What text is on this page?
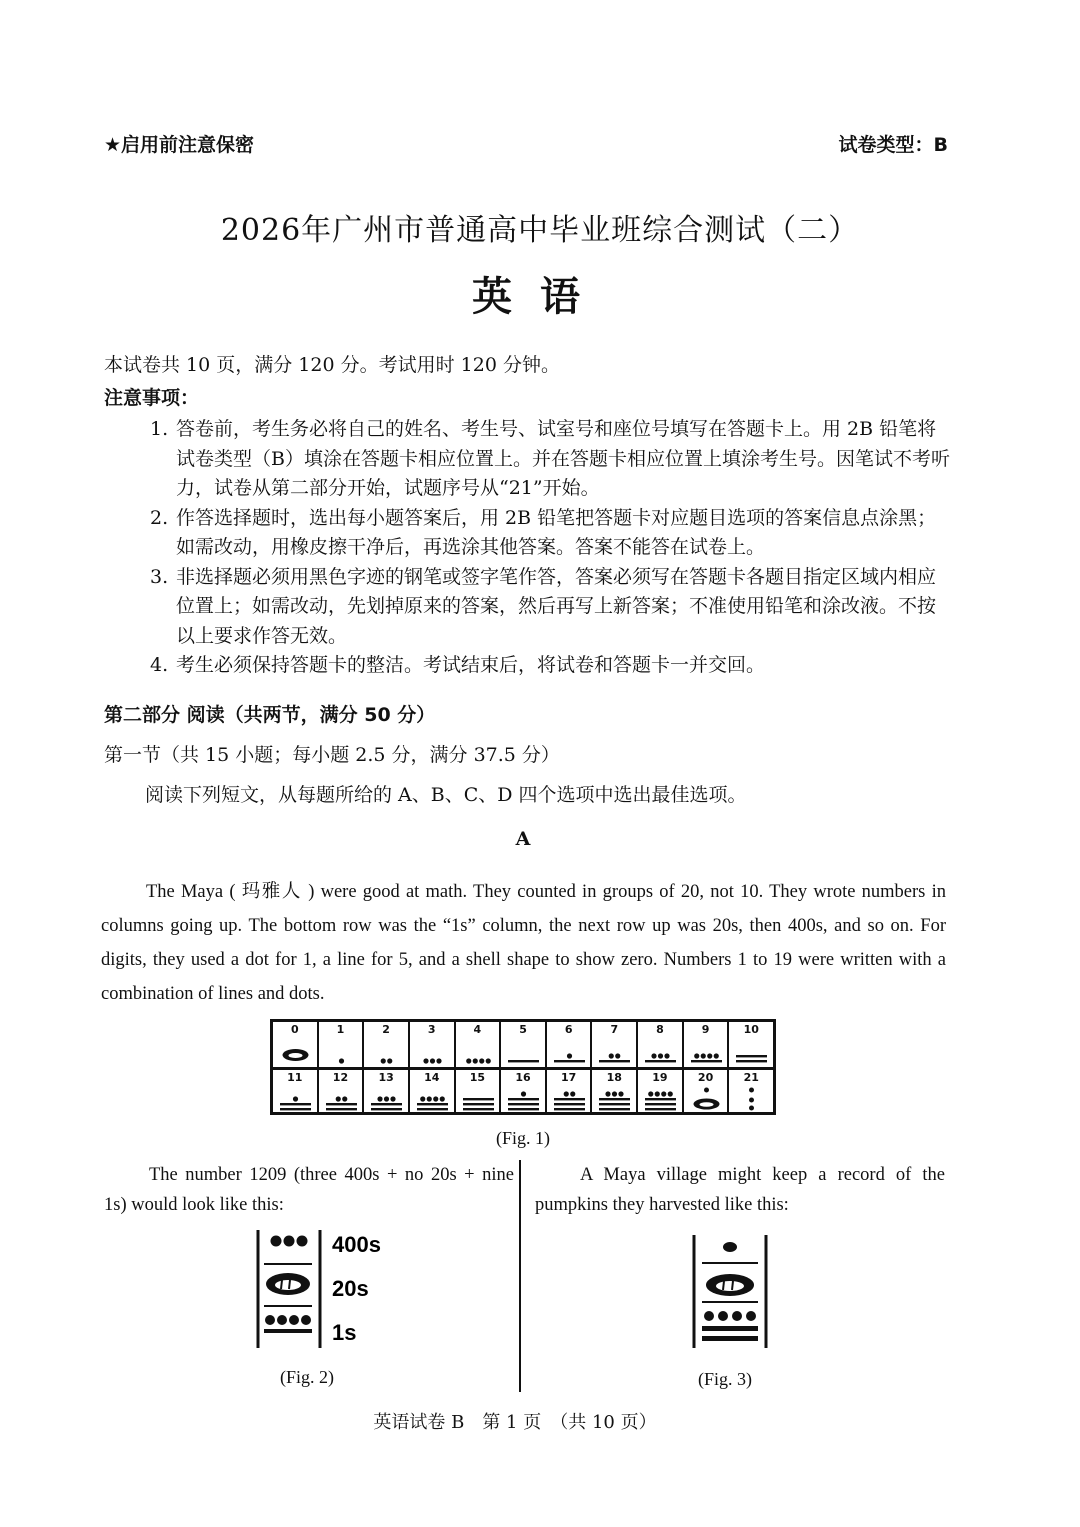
★启用前注意保密	试卷类型：B
2026年广州市普通高中毕业班综合测试（二）
英语
本试卷共 10 页，满分 120 分。考试用时 120 分钟。
注意事项：
1. 答卷前，考生务必将自己的姓名、考生号、试室号和座位号填写在答题卡上。用 2B 铅笔将试卷类型（B）填涂在答题卡相应位置上。并在答题卡相应位置上填涂考生号。因笔试不考听力，试卷从第二部分开始，试题序号从“21”开始。
2. 作答选择题时，选出每小题答案后，用 2B 铅笔把答题卡对应题目选项的答案信息点涂黑；如需改动，用橡皮擦干净后，再选涂其他答案。答案不能答在试卷上。
3. 非选择题必须用黑色字迹的钢笔或签字笔作答，答案必须写在答题卡各题目指定区域内相应位置上；如需改动，先划掉原来的答案，然后再写上新答案；不准使用铅笔和涂改液。不按以上要求作答无效。
4. 考生必须保持答题卡的整洁。考试结束后，将试卷和答题卡一并交回。
第二部分 阅读（共两节，满分 50 分）
第一节（共 15 小题；每小题 2.5 分，满分 37.5 分）
阅读下列短文，从每题所给的 A、B、C、D 四个选项中选出最佳选项。
A
The Maya ( 玛雅人 ) were good at math. They counted in groups of 20, not 10. They wrote numbers in columns going up. The bottom row was the “1s” column, the next row up was 20s, then 400s, and so on. For digits, they used a dot for 1, a line for 5, and a shell shape to show zero. Numbers 1 to 19 were written with a combination of lines and dots.
0	1	2	3	4	5	6	7	8	9	10
11	12	13	14	15	16	17	18	19	20	21
(Fig. 1)
The number 1209 (three 400s + no 20s + nine 1s) would look like this:
A Maya village might keep a record of the pumpkins they harvested like this:
400s
20s
1s
(Fig. 2)	(Fig. 3)
英语试卷 B　第 1 页　（共 10 页）
